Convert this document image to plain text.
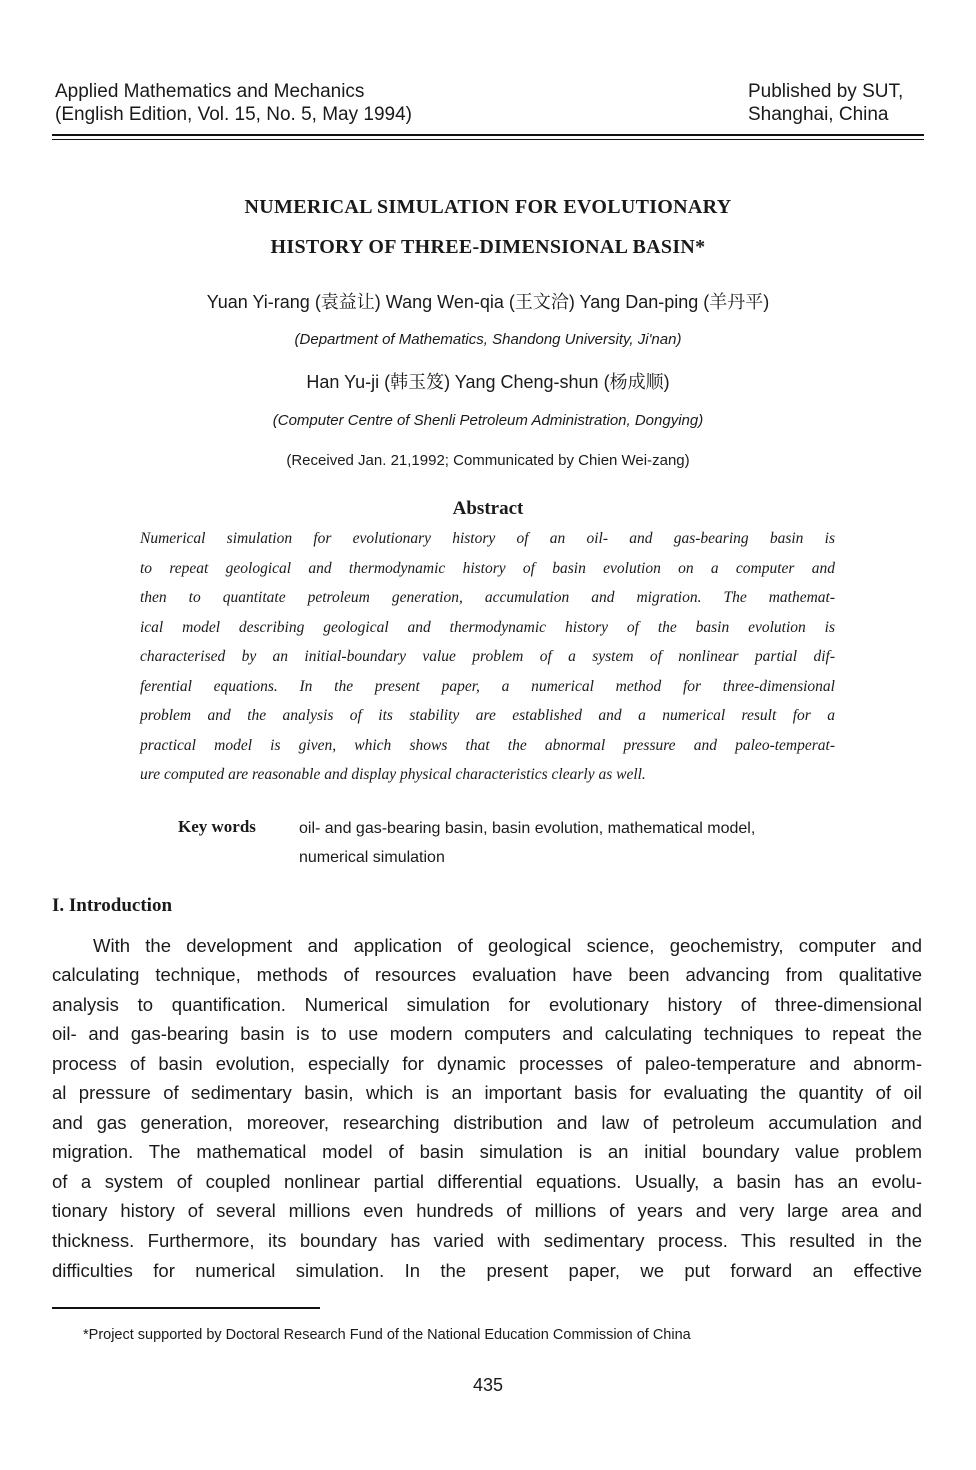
Applied Mathematics and Mechanics
(English Edition, Vol. 15, No. 5, May 1994)
Published by SUT,
Shanghai, China
NUMERICAL SIMULATION FOR EVOLUTIONARY
HISTORY OF THREE-DIMENSIONAL BASIN*
Yuan Yi-rang (袁益让) Wang Wen-qia (王文洽) Yang Dan-ping (羊丹平)
(Department of Mathematics, Shandong University, Ji'nan)
Han Yu-ji (韩玉笈) Yang Cheng-shun (杨成顺)
(Computer Centre of Shenli Petroleum Administration, Dongying)
(Received Jan. 21,1992; Communicated by Chien Wei-zang)
Abstract
Numerical simulation for evolutionary history of an oil- and gas-bearing basin is
to repeat geological and thermodynamic history of basin evolution on a computer and
then to quantitate petroleum generation, accumulation and migration. The mathemat-
ical model describing geological and thermodynamic history of the basin evolution is
characterised by an initial-boundary value problem of a system of nonlinear partial dif-
ferential equations. In the present paper, a numerical method for three-dimensional
problem and the analysis of its stability are established and a numerical result for a
practical model is given, which shows that the abnormal pressure and paleo-temperat-
ure computed are reasonable and display physical characteristics clearly as well.
Key words	oil- and gas-bearing basin, basin evolution, mathematical model,
numerical simulation
I. Introduction
With the development and application of geological science, geochemistry, computer and
calculating technique, methods of resources evaluation have been advancing from qualitative
analysis to quantification. Numerical simulation for evolutionary history of three-dimensional
oil- and gas-bearing basin is to use modern computers and calculating techniques to repeat the
process of basin evolution, especially for dynamic processes of paleo-temperature and abnorm-
al pressure of sedimentary basin, which is an important basis for evaluating the quantity of oil
and gas generation, moreover, researching distribution and law of petroleum accumulation and
migration. The mathematical model of basin simulation is an initial boundary value problem
of a system of coupled nonlinear partial differential equations. Usually, a basin has an evolu-
tionary history of several millions even hundreds of millions of years and very large area and
thickness. Furthermore, its boundary has varied with sedimentary process. This resulted in the
difficulties for numerical simulation. In the present paper, we put forward an effective
*Project supported by Doctoral Research Fund of the National Education Commission of China
435
